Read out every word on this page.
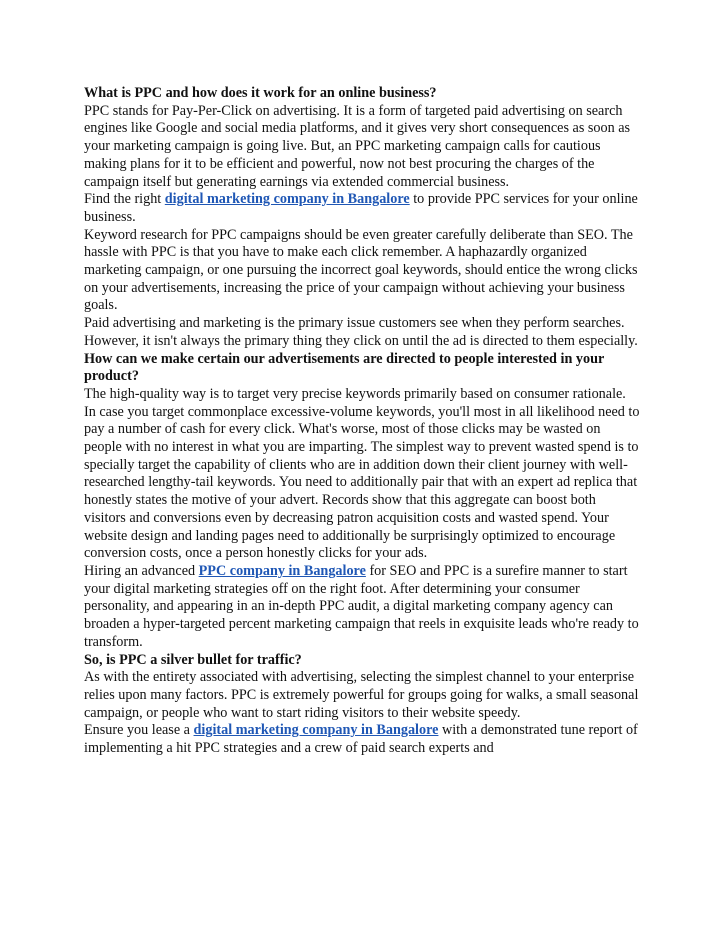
What is PPC and how does it work for an online business?

PPC stands for Pay-Per-Click on advertising. It is a form of targeted paid advertising on search engines like Google and social media platforms, and it gives very short consequences as soon as your marketing campaign is going live. But, an PPC marketing campaign calls for cautious making plans for it to be efficient and powerful, now not best procuring the charges of the campaign itself but generating earnings via extended commercial business.

Find the right digital marketing company in Bangalore to provide PPC services for your online business.

Keyword research for PPC campaigns should be even greater carefully deliberate than SEO. The hassle with PPC is that you have to make each click remember. A haphazardly organized marketing campaign, or one pursuing the incorrect goal keywords, should entice the wrong clicks on your advertisements, increasing the price of your campaign without achieving your business goals.

Paid advertising and marketing is the primary issue customers see when they perform searches. However, it isn't always the primary thing they click on until the ad is directed to them especially.

How can we make certain our advertisements are directed to people interested in your product?

The high-quality way is to target very precise keywords primarily based on consumer rationale. In case you target commonplace excessive-volume keywords, you'll most in all likelihood need to pay a number of cash for every click. What's worse, most of those clicks may be wasted on people with no interest in what you are imparting. The simplest way to prevent wasted spend is to specially target the capability of clients who are in addition down their client journey with well-researched lengthy-tail keywords. You need to additionally pair that with an expert ad replica that honestly states the motive of your advert. Records show that this aggregate can boost both visitors and conversions even by decreasing patron acquisition costs and wasted spend. Your website design and landing pages need to additionally be surprisingly optimized to encourage conversion costs, once a person honestly clicks for your ads.

Hiring an advanced PPC company in Bangalore for SEO and PPC is a surefire manner to start your digital marketing strategies off on the right foot. After determining your consumer personality, and appearing in an in-depth PPC audit, a digital marketing company agency can broaden a hyper-targeted percent marketing campaign that reels in exquisite leads who're ready to transform.

So, is PPC a silver bullet for traffic?

As with the entirety associated with advertising, selecting the simplest channel to your enterprise relies upon many factors. PPC is extremely powerful for groups going for walks, a small seasonal campaign, or people who want to start riding visitors to their website speedy.

Ensure you lease a digital marketing company in Bangalore with a demonstrated tune report of implementing a hit PPC strategies and a crew of paid search experts and
